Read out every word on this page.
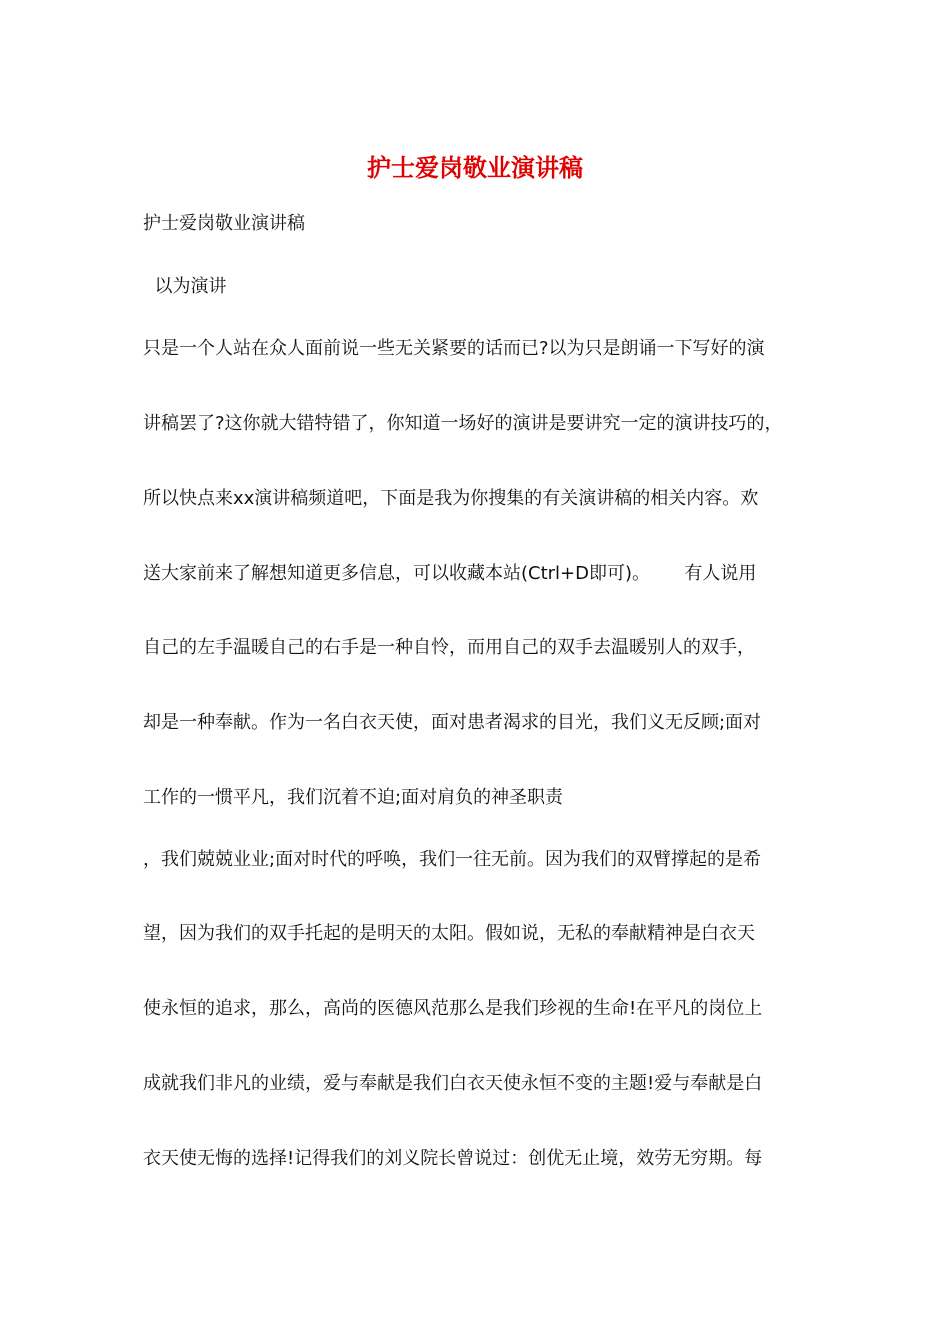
护士爱岗敬业演讲稿
护士爱岗敬业演讲稿
以为演讲
只是一个人站在众人面前说一些无关紧要的话而已?以为只是朗诵一下写好的演
讲稿罢了?这你就大错特错了，你知道一场好的演讲是要讲究一定的演讲技巧的，
所以快点来xx演讲稿频道吧，下面是我为你搜集的有关演讲稿的相关内容。欢
送大家前来了解想知道更多信息，可以收藏本站(Ctrl+D即可)。      有人说用
自己的左手温暖自己的右手是一种自怜，而用自己的双手去温暖别人的双手，
却是一种奉献。作为一名白衣天使，面对患者渴求的目光，我们义无反顾;面对
工作的一惯平凡，我们沉着不迫;面对肩负的神圣职责
，我们兢兢业业;面对时代的呼唤，我们一往无前。因为我们的双臂撑起的是希
望，因为我们的双手托起的是明天的太阳。假如说，无私的奉献精神是白衣天
使永恒的追求，那么，高尚的医德风范那么是我们珍视的生命!在平凡的岗位上
成就我们非凡的业绩，爱与奉献是我们白衣天使永恒不变的主题!爱与奉献是白
衣天使无悔的选择!记得我们的刘义院长曾说过：创优无止境，效劳无穷期。每
